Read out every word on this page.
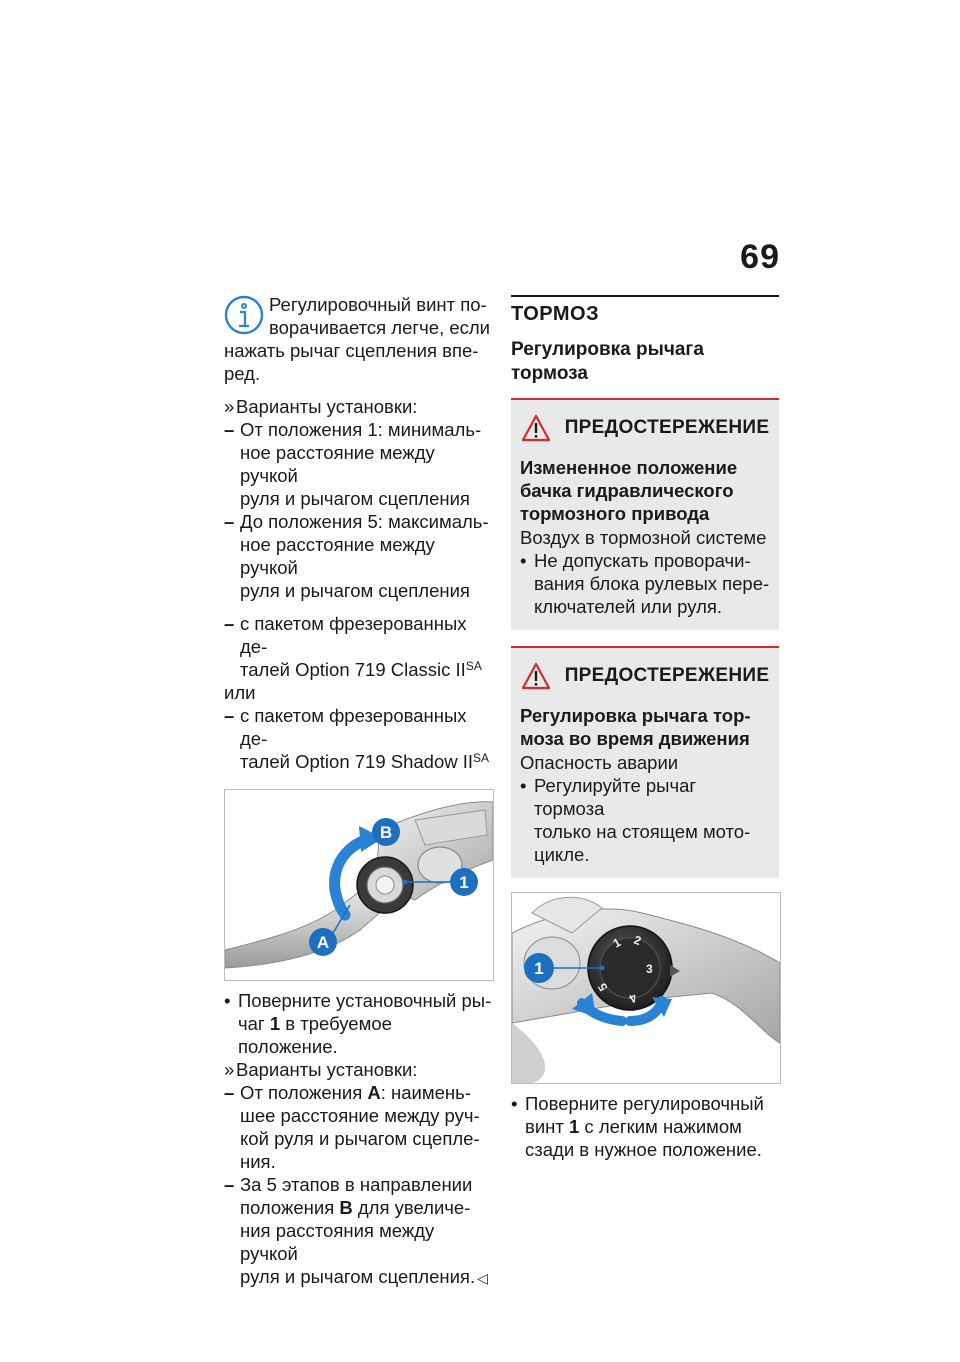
69

Регулировочный винт по-

ворачивается легче, если

нажать рычаг сцепления впе-

ред.

» Варианты установки:
– От положения 1: минималь-

ное расстояние между ручкой

руля и рычагом сцепления

– До положения 5: максималь-

ное расстояние между ручкой

руля и рычагом сцепления

– с пакетом фрезерованных де-

талей Option 719 Classic $II^{SA}$

или

– с пакетом фрезерованных де-

талей Option 719 Shadow $II^{SA}$

B
1
A
• Поверните установочный ры-

чаг 1 в требуемое положение.

» Варианты установки:
– От положения A: наимень-

шее расстояние между руч-

кой руля и рычагом сцепле-

ния.

– За 5 этапов в направлении

положения B для увеличе-

ния расстояния между ручкой

руля и рычагом сцепления. ◁

ТОРМОЗ

Регулировка рычага

тормоза

ПРЕДОСТЕРЕЖЕНИЕ

Измененное положение

бачка гидравлического

тормозного привода

Воздух в тормозной системе

• Не допускать проворачи-

вания блока рулевых пере-

ключателей или руля.

ПРЕДОСТЕРЕЖЕНИЕ

Регулировка рычага тор-

моза во время движения

Опасность аварии

• Регулируйте рычаг тормоза

только на стоящем мото-

цикле.

1 2
3
4
5
1
• Поверните регулировочный

винт 1 с легким нажимом

сзади в нужное положение.
